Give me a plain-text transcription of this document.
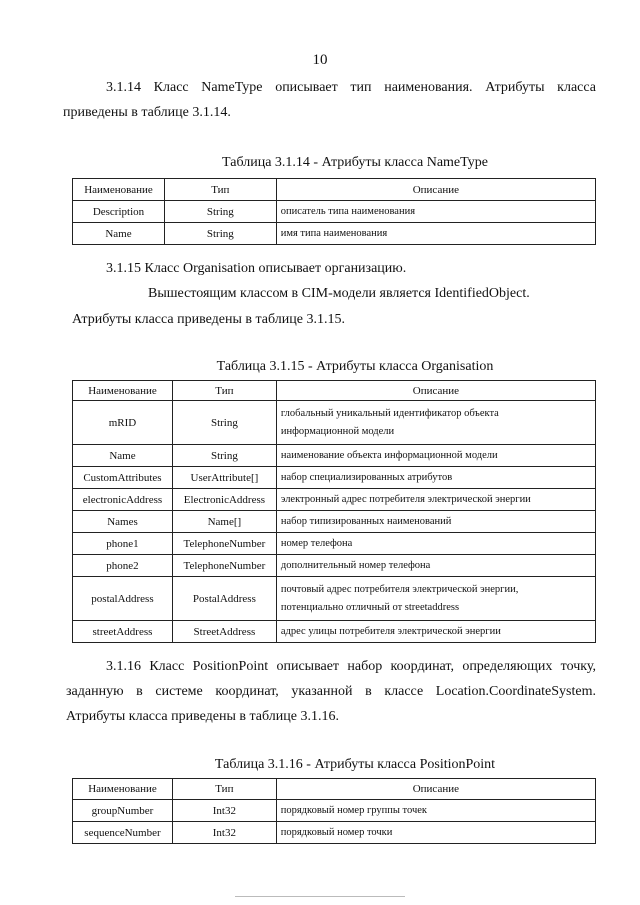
10
3.1.14 Класс NameType описывает тип наименования. Атрибуты класса
приведены в таблице 3.1.14.
Таблица 3.1.14 - Атрибуты класса NameType
Наименование	Тип	Описание
Description	String	описатель типа наименования
Name	String	имя типа наименования
3.1.15 Класс Organisation описывает организацию.
Вышестоящим классом в CIM-модели является IdentifiedObject.
Атрибуты класса приведены в таблице 3.1.15.
Таблица 3.1.15 - Атрибуты класса Organisation
Наименование	Тип	Описание
mRID	String	глобальный уникальный идентификатор объекта
информационной модели

Name	String	наименование объекта информационной модели
CustomAttributes	UserAttribute[]	набор специализированных атрибутов
electronicAddress	ElectronicAddress	электронный адрес потребителя электрической энергии
Names	Name[]	набор типизированных наименований
phone1	TelephoneNumber	номер телефона
phone2	TelephoneNumber	дополнительный номер телефона
postalAddress	PostalAddress	почтовый адрес потребителя электрической энергии,
потенциально отличный от streetaddress

streetAddress	StreetAddress	адрес улицы потребителя электрической энергии
3.1.16 Класс PositionPoint описывает набор координат, определяющих точку,
заданную в системе координат, указанной в классе Location.CoordinateSystem.
Атрибуты класса приведены в таблице 3.1.16.
Таблица 3.1.16 - Атрибуты класса PositionPoint
Наименование	Тип	Описание
groupNumber	Int32	порядковый номер группы точек
sequenceNumber	Int32	порядковый номер точки
